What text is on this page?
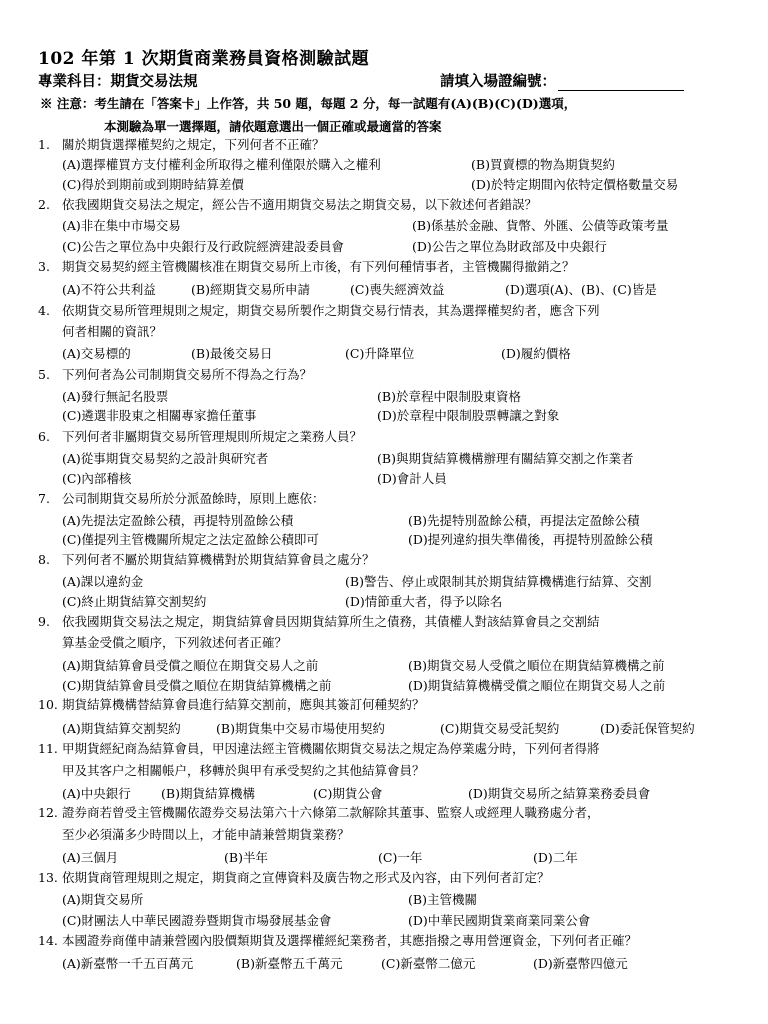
102 年第 1 次期貨商業務員資格測驗試題
專業科目：期貨交易法規	請填入場證編號：
※ 注意：考生請在「答案卡」上作答，共 50 題，每題 2 分，每一試題有(A)(B)(C)(D)選項，
本測驗為單一選擇題，請依題意選出一個正確或最適當的答案
1. 關於期貨選擇權契約之規定，下列何者不正確？
(A)選擇權買方支付權利金所取得之權利僅限於購入之權利	(B)買賣標的物為期貨契約
(C)得於到期前或到期時結算差價	(D)於特定期間內依特定價格數量交易
2. 依我國期貨交易法之規定，經公告不適用期貨交易法之期貨交易，以下敘述何者錯誤？
(A)非在集中市場交易	(B)係基於金融、貨幣、外匯、公債等政策考量
(C)公告之單位為中央銀行及行政院經濟建設委員會	(D)公告之單位為財政部及中央銀行
3. 期貨交易契約經主管機關核准在期貨交易所上市後，有下列何種情事者，主管機關得撤銷之？
(A)不符公共利益	(B)經期貨交易所申請	(C)喪失經濟效益	(D)選項(A)、(B)、(C)皆是
4. 依期貨交易所管理規則之規定，期貨交易所製作之期貨交易行情表，其為選擇權契約者，應含下列
何者相關的資訊？
(A)交易標的	(B)最後交易日	(C)升降單位	(D)履約價格
5. 下列何者為公司制期貨交易所不得為之行為？
(A)發行無記名股票	(B)於章程中限制股東資格
(C)遴選非股東之相關專家擔任董事	(D)於章程中限制股票轉讓之對象
6. 下列何者非屬期貨交易所管理規則所規定之業務人員？
(A)從事期貨交易契約之設計與研究者	(B)與期貨結算機構辦理有關結算交割之作業者
(C)內部稽核	(D)會計人員
7. 公司制期貨交易所於分派盈餘時，原則上應依：
(A)先提法定盈餘公積，再提特別盈餘公積	(B)先提特別盈餘公積，再提法定盈餘公積
(C)僅提列主管機關所規定之法定盈餘公積即可	(D)提列違約損失準備後，再提特別盈餘公積
8. 下列何者不屬於期貨結算機構對於期貨結算會員之處分？
(A)課以違約金	(B)警告、停止或限制其於期貨結算機構進行結算、交割
(C)終止期貨結算交割契約	(D)情節重大者，得予以除名
9. 依我國期貨交易法之規定，期貨結算會員因期貨結算所生之債務，其債權人對該結算會員之交割結
算基金受償之順序，下列敘述何者正確？
(A)期貨結算會員受償之順位在期貨交易人之前	(B)期貨交易人受償之順位在期貨結算機構之前
(C)期貨結算會員受償之順位在期貨結算機構之前	(D)期貨結算機構受償之順位在期貨交易人之前
10. 期貨結算機構替結算會員進行結算交割前，應與其簽訂何種契約？
(A)期貨結算交割契約	(B)期貨集中交易市場使用契約	(C)期貨交易受託契約	(D)委託保管契約
11. 甲期貨經紀商為結算會員，甲因違法經主管機關依期貨交易法之規定為停業處分時，下列何者得將
甲及其客户之相關帳户，移轉於與甲有承受契約之其他結算會員？
(A)中央銀行 (B)期貨結算機構	(C)期貨公會	(D)期貨交易所之結算業務委員會
12. 證券商若曾受主管機關依證券交易法第六十六條第二款解除其董事、監察人或經理人職務處分者，
至少必須滿多少時間以上，才能申請兼營期貨業務？
(A)三個月	(B)半年	(C)一年	(D)二年
13. 依期貨商管理規則之規定，期貨商之宣傳資料及廣告物之形式及內容，由下列何者訂定？
(A)期貨交易所	(B)主管機關
(C)財團法人中華民國證券暨期貨市場發展基金會	(D)中華民國期貨業商業同業公會
14. 本國證券商僅申請兼營國內股價類期貨及選擇權經紀業務者，其應指撥之專用營運資金，下列何者正確？
(A)新臺幣一千五百萬元	(B)新臺幣五千萬元	(C)新臺幣二億元	(D)新臺幣四億元
